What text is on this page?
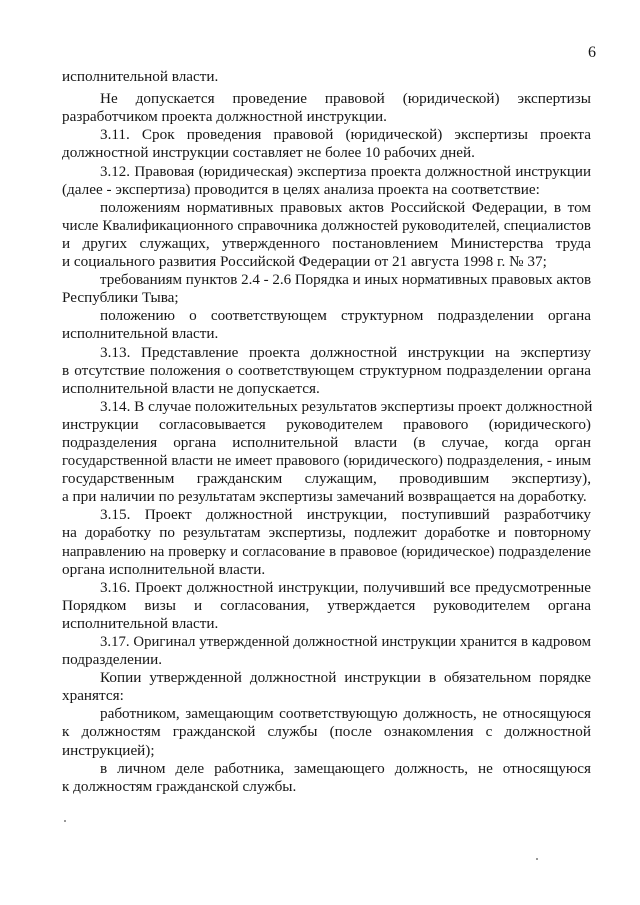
6
исполнительной власти.
Не допускается проведение правовой (юридической) экспертизы
разработчиком проекта должностной инструкции.
3.11. Срок проведения правовой (юридической) экспертизы проекта
должностной инструкции составляет не более 10 рабочих дней.
3.12. Правовая (юридическая) экспертиза проекта должностной инструкции
(далее - экспертиза) проводится в целях анализа проекта на соответствие:
положениям нормативных правовых актов Российской Федерации, в том
числе Квалификационного справочника должностей руководителей, специалистов
и других служащих, утвержденного постановлением Министерства труда
и социального развития Российской Федерации от 21 августа 1998 г. № 37;
требованиям пунктов 2.4 - 2.6 Порядка и иных нормативных правовых актов
Республики Тыва;
положению о соответствующем структурном подразделении органа
исполнительной власти.
3.13. Представление проекта должностной инструкции на экспертизу
в отсутствие положения о соответствующем структурном подразделении органа
исполнительной власти не допускается.
3.14. В случае положительных результатов экспертизы проект должностной
инструкции согласовывается руководителем правового (юридического)
подразделения органа исполнительной власти (в случае, когда орган
государственной власти не имеет правового (юридического) подразделения, - иным
государственным гражданским служащим, проводившим экспертизу),
а при наличии по результатам экспертизы замечаний возвращается на доработку.
3.15. Проект должностной инструкции, поступивший разработчику
на доработку по результатам экспертизы, подлежит доработке и повторному
направлению на проверку и согласование в правовое (юридическое) подразделение
органа исполнительной власти.
3.16. Проект должностной инструкции, получивший все предусмотренные
Порядком визы и согласования, утверждается руководителем органа
исполнительной власти.
3.17. Оригинал утвержденной должностной инструкции хранится в кадровом
подразделении.
Копии утвержденной должностной инструкции в обязательном порядке
хранятся:
работником, замещающим соответствующую должность, не относящуюся
к должностям гражданской службы (после ознакомления с должностной
инструкцией);
в личном деле работника, замещающего должность, не относящуюся
к должностям гражданской службы.
